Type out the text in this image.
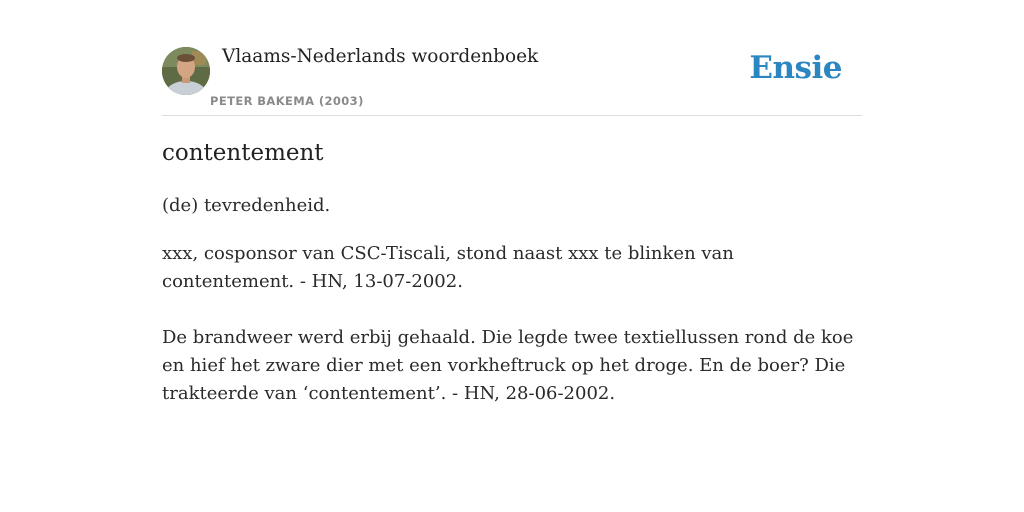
Vlaams-Nederlands woordenboek
PETER BAKEMA (2003)
Ensie
contentement

(de) tevredenheid.

xxx, cosponsor van CSC-Tiscali, stond naast xxx te blinken van contentement. - HN, 13-07-2002.

De brandweer werd erbij gehaald. Die legde twee textiellussen rond de koe en hief het zware dier met een vorkheftruck op het droge. En de boer? Die trakteerde van ‘contentement’. - HN, 28-06-2002.
